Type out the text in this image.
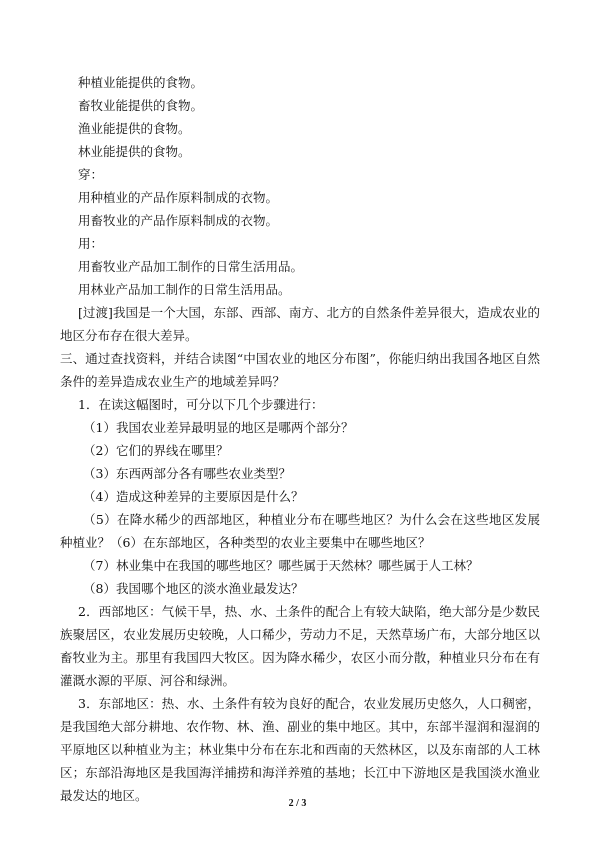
种植业能提供的食物。
畜牧业能提供的食物。
渔业能提供的食物。
林业能提供的食物。
穿：
用种植业的产品作原料制成的衣物。
用畜牧业的产品作原料制成的衣物。
用：
用畜牧业产品加工制作的日常生活用品。
用林业产品加工制作的日常生活用品。
[过渡]我国是一个大国，东部、西部、南方、北方的自然条件差异很大，造成农业的地区分布存在很大差异。
三、通过查找资料，并结合读图“中国农业的地区分布图”，你能归纳出我国各地区自然条件的差异造成农业生产的地域差异吗？
1．在读这幅图时，可分以下几个步骤进行：
（1）我国农业差异最明显的地区是哪两个部分？
（2）它们的界线在哪里？
（3）东西两部分各有哪些农业类型？
（4）造成这种差异的主要原因是什么？
（5）在降水稀少的西部地区，种植业分布在哪些地区？为什么会在这些地区发展种植业？（6）在东部地区，各种类型的农业主要集中在哪些地区？
（7）林业集中在我国的哪些地区？哪些属于天然林？哪些属于人工林？
（8）我国哪个地区的淡水渔业最发达？
2．西部地区：气候干旱，热、水、土条件的配合上有较大缺陷，绝大部分是少数民族聚居区，农业发展历史较晚，人口稀少，劳动力不足，天然草场广布，大部分地区以畜牧业为主。那里有我国四大牧区。因为降水稀少，农区小而分散，种植业只分布在有灌溉水源的平原、河谷和绿洲。
3．东部地区：热、水、土条件有较为良好的配合，农业发展历史悠久，人口稠密，是我国绝大部分耕地、农作物、林、渔、副业的集中地区。其中，东部半湿润和湿润的平原地区以种植业为主；林业集中分布在东北和西南的天然林区，以及东南部的人工林区；东部沿海地区是我国海洋捕捞和海洋养殖的基地；长江中下游地区是我国淡水渔业最发达的地区。
2 / 3
